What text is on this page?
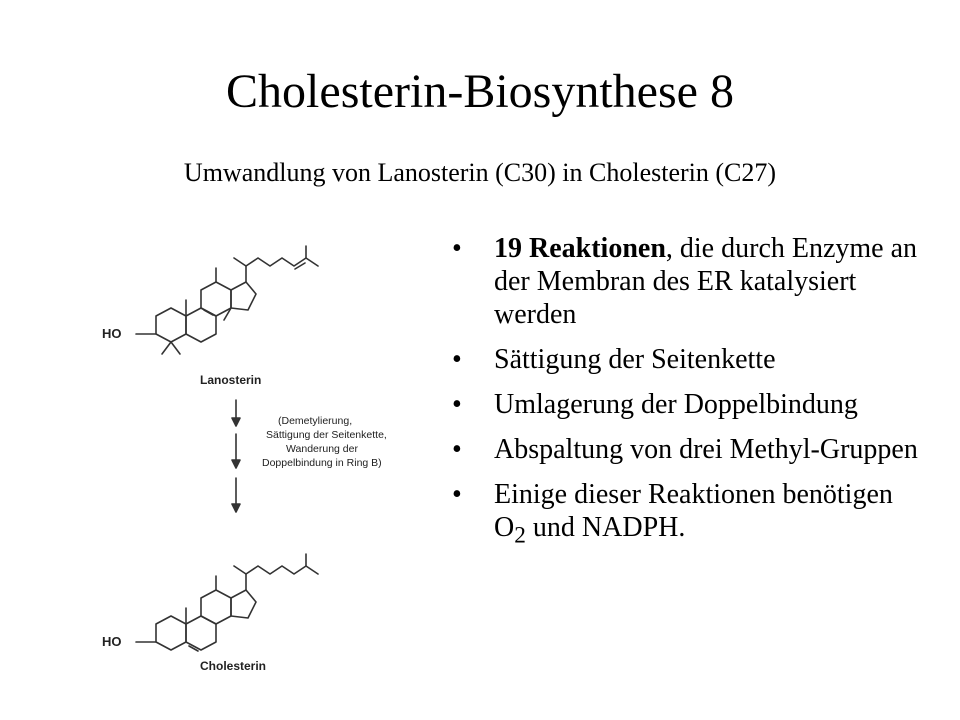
Cholesterin-Biosynthese 8
Umwandlung von Lanosterin (C30) in Cholesterin (C27)
• 19 Reaktionen, die durch Enzyme an der Membran des ER katalysiert werden
• Sättigung der Seitenkette
• Umlagerung der Doppelbindung
• Abspaltung von drei Methyl-Gruppen
• Einige dieser Reaktionen benötigen $O_2$ und NADPH.
HO
Lanosterin
(Demetylierung,
Sättigung der Seitenkette,
Wanderung der
Doppelbindung in Ring B)
HO
Cholesterin
